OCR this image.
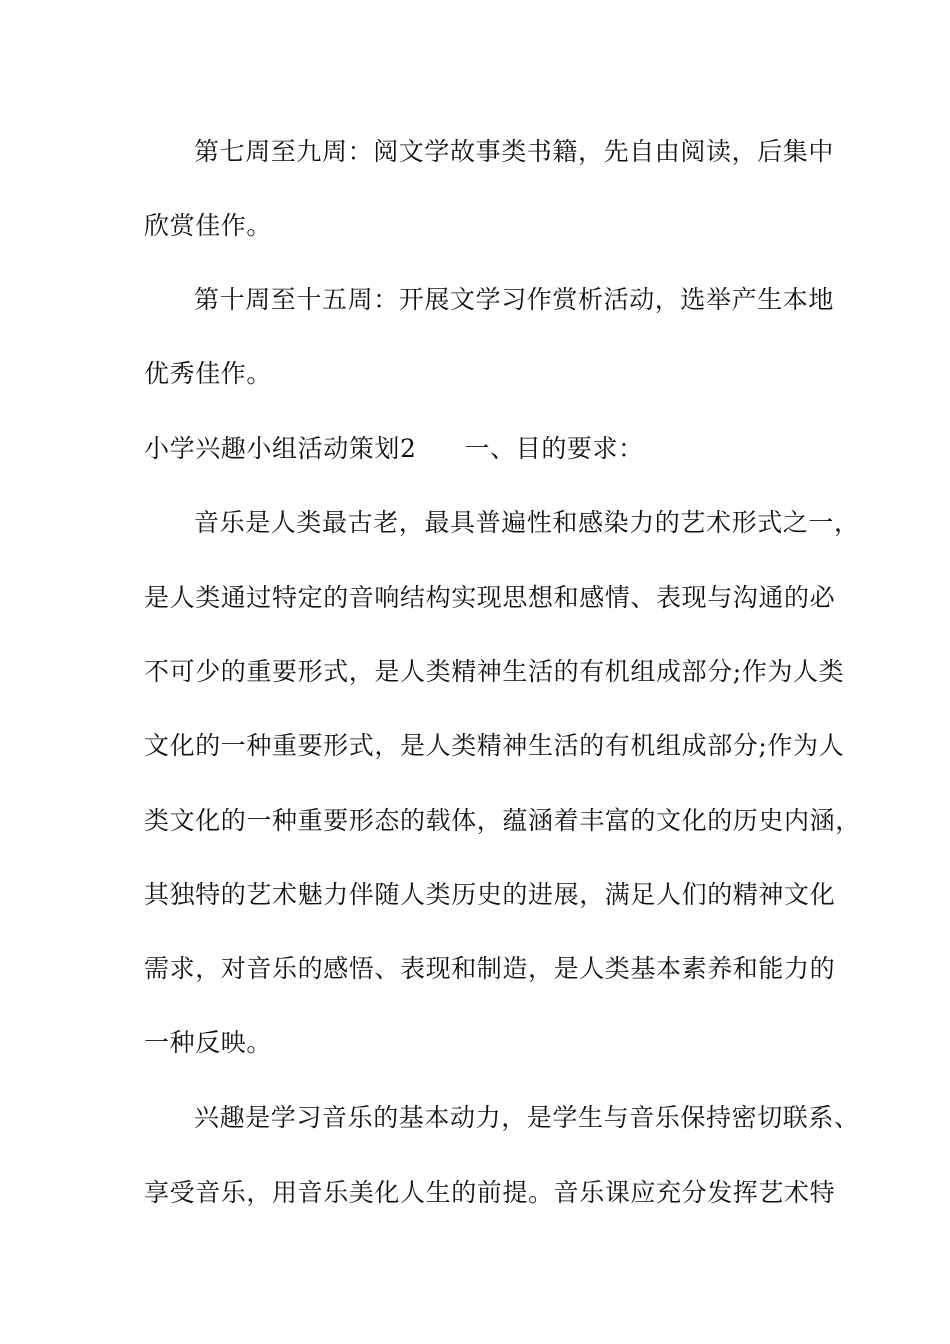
第七周至九周：阅文学故事类书籍，先自由阅读，后集中
欣赏佳作。
第十周至十五周：开展文学习作赏析活动，选举产生本地
优秀佳作。
小学兴趣小组活动策划2 一、目的要求：
音乐是人类最古老，最具普遍性和感染力的艺术形式之一，
是人类通过特定的音响结构实现思想和感情、表现与沟通的必
不可少的重要形式，是人类精神生活的有机组成部分;作为人类
文化的一种重要形式，是人类精神生活的有机组成部分;作为人
类文化的一种重要形态的载体，蕴涵着丰富的文化的历史内涵，
其独特的艺术魅力伴随人类历史的进展，满足人们的精神文化
需求，对音乐的感悟、表现和制造，是人类基本素养和能力的
一种反映。
兴趣是学习音乐的基本动力，是学生与音乐保持密切联系、
享受音乐，用音乐美化人生的前提。音乐课应充分发挥艺术特
